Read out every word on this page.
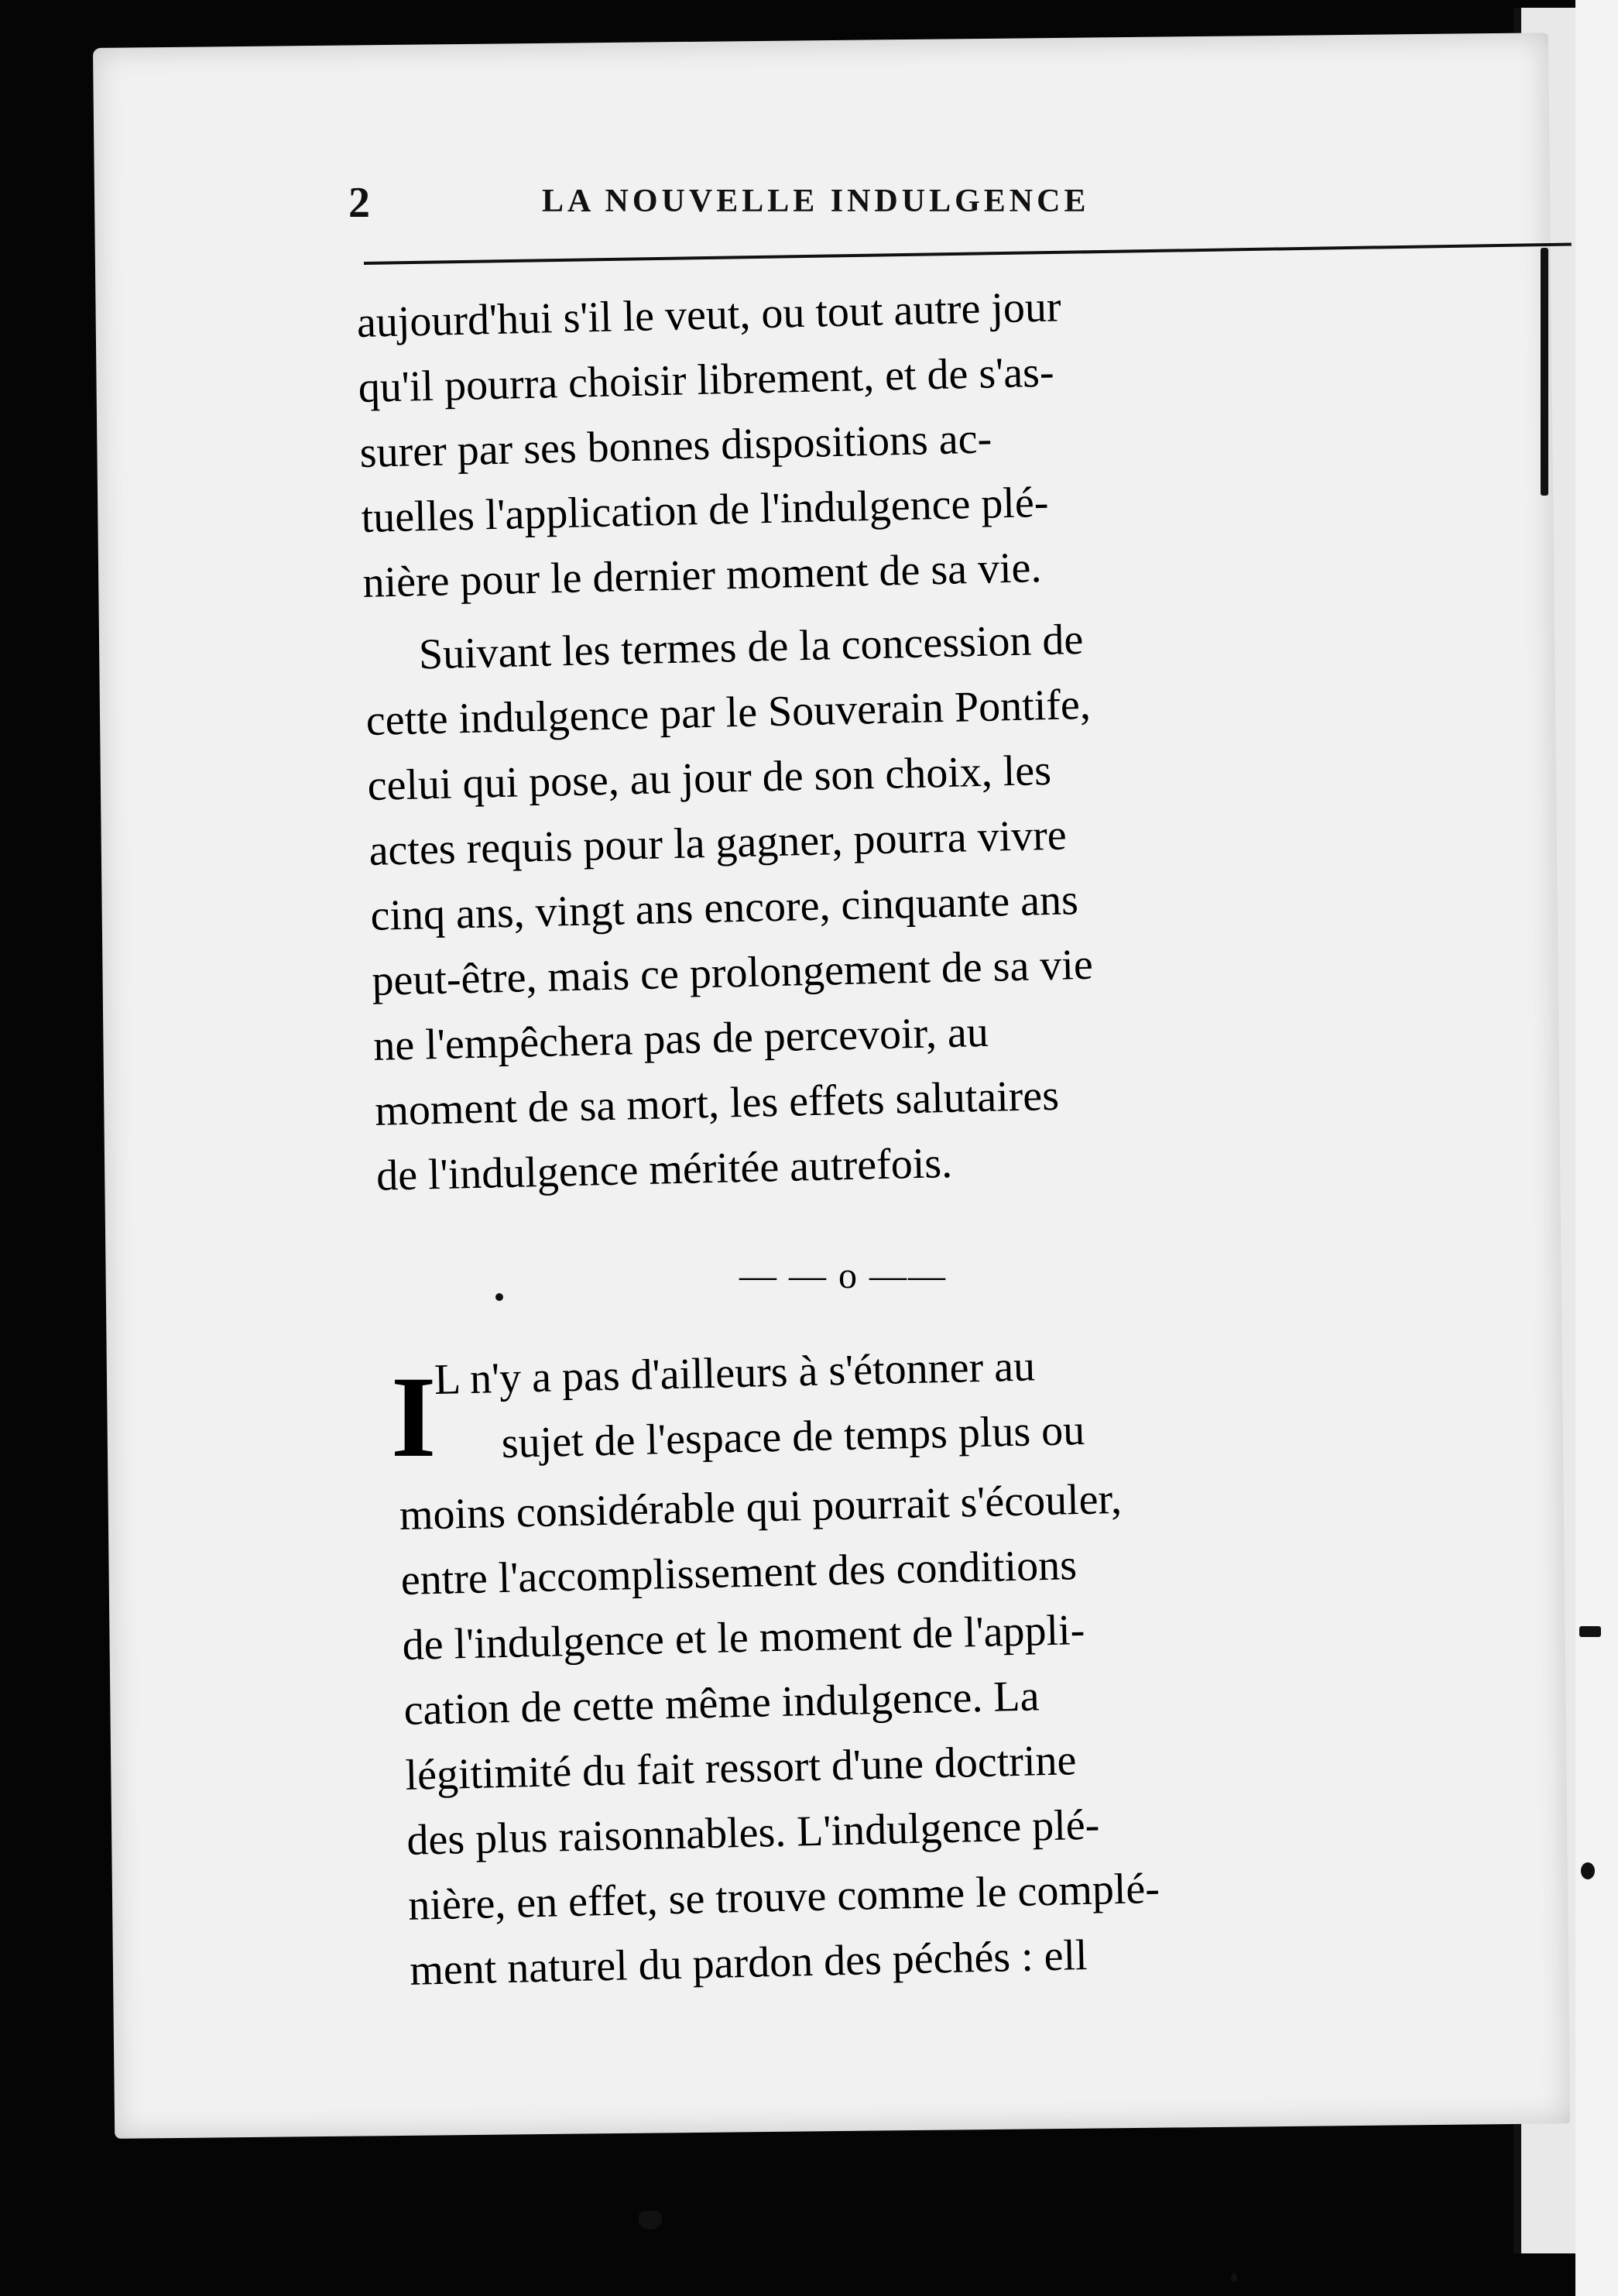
2	LA NOUVELLE INDULGENCE
aujourd'hui s'il le veut, ou tout autre jour
qu'il pourra choisir librement, et de s'as-
surer par ses bonnes dispositions ac-
tuelles l'application de l'indulgence plé-
nière pour le dernier moment de sa vie.
Suivant les termes de la concession de
cette indulgence par le Souverain Pontife,
celui qui pose, au jour de son choix, les
actes requis pour la gagner, pourra vivre
cinq ans, vingt ans encore, cinquante ans
peut-être, mais ce prolongement de sa vie
ne l'empêchera pas de percevoir, au
moment de sa mort, les effets salutaires
de l'indulgence méritée autrefois.
— — o ——
I
L n'y a pas d'ailleurs à s'étonner au
sujet de l'espace de temps plus ou
moins considérable qui pourrait s'écouler,
entre l'accomplissement des conditions
de l'indulgence et le moment de l'appli-
cation de cette même indulgence. La
légitimité du fait ressort d'une doctrine
des plus raisonnables. L'indulgence plé-
nière, en effet, se trouve comme le complé-
ment naturel du pardon des péchés : ell
